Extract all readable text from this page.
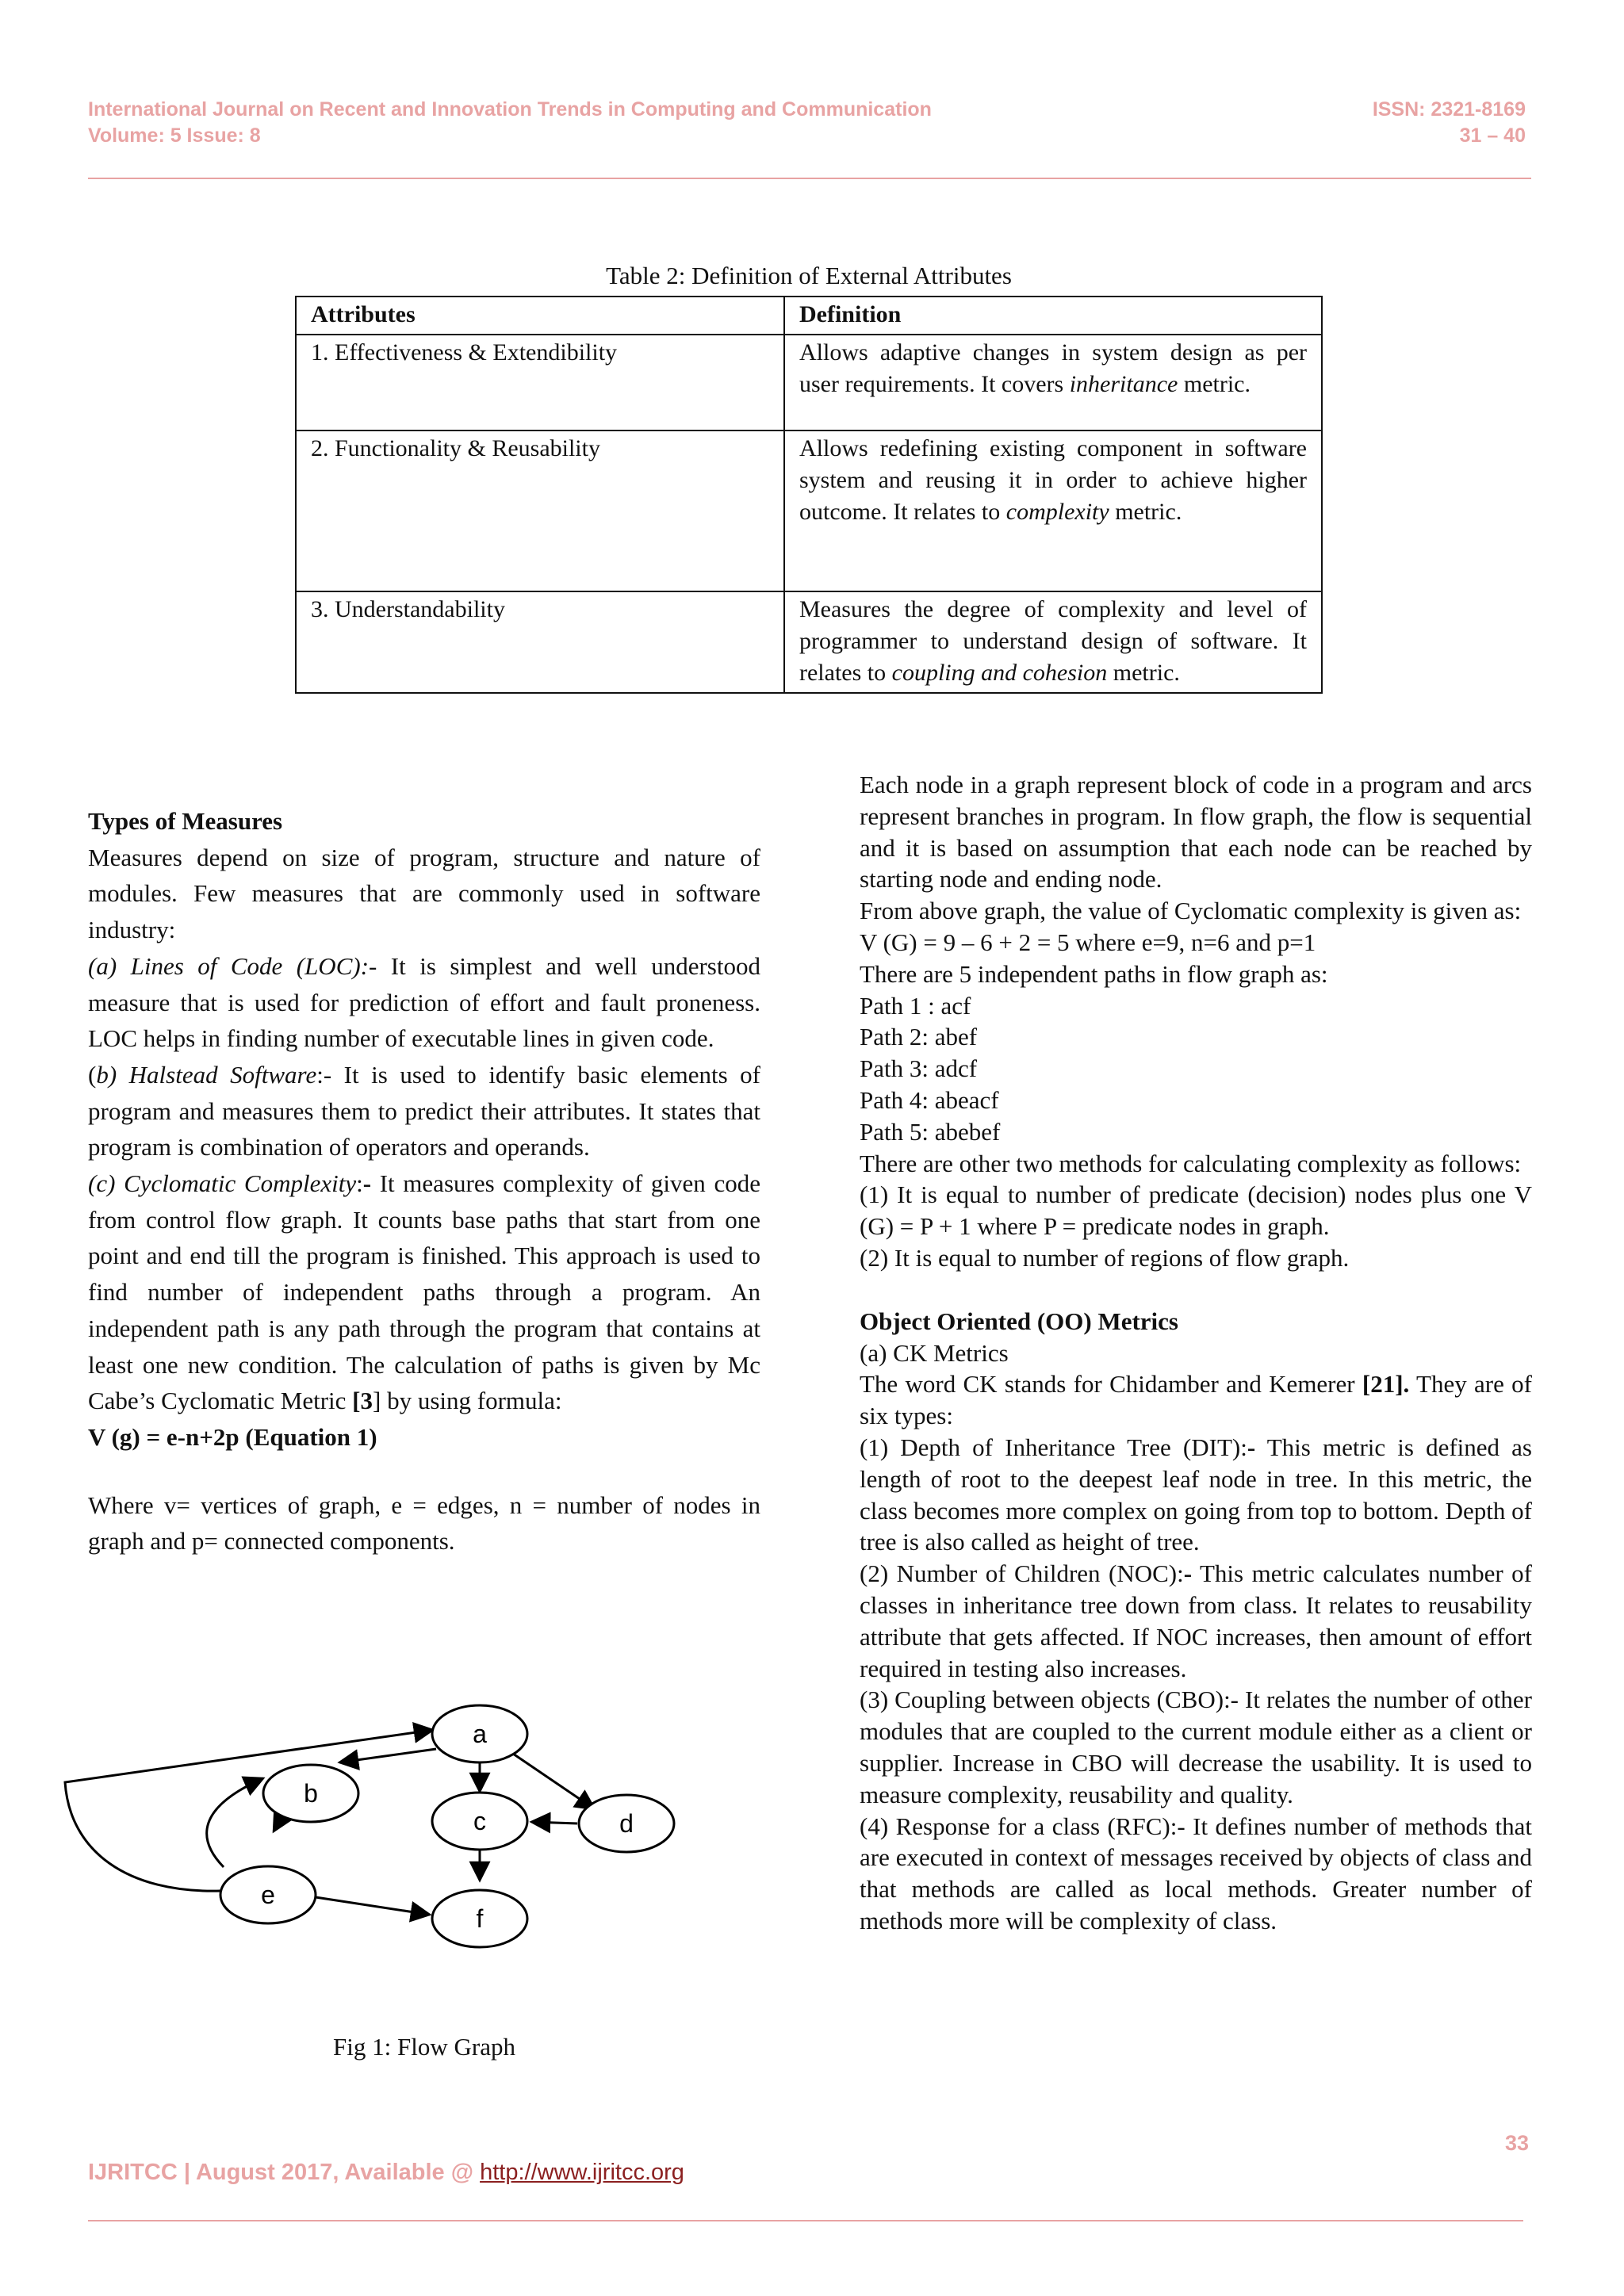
International Journal on Recent and Innovation Trends in Computing and Communication
Volume: 5 Issue: 8
ISSN: 2321-8169
31 – 40
Table 2: Definition of External Attributes
Attributes	Definition
1. Effectiveness & Extendibility	Allows adaptive changes in system design as per user requirements. It covers inheritance metric.
2. Functionality & Reusability	Allows redefining existing component in software system and reusing it in order to achieve higher outcome. It relates to complexity metric.
3. Understandability	Measures the degree of complexity and level of programmer to understand design of software. It relates to coupling and cohesion metric.

Types of Measures

Measures depend on size of program, structure and nature of modules. Few measures that are commonly used in software industry:

(a) Lines of Code (LOC):- It is simplest and well understood measure that is used for prediction of effort and fault proneness. LOC helps in finding number of executable lines in given code.

(b) Halstead Software:- It is used to identify basic elements of program and measures them to predict their attributes. It states that program is combination of operators and operands.

(c) Cyclomatic Complexity:- It measures complexity of given code from control flow graph. It counts base paths that start from one point and end till the program is finished. This approach is used to find number of independent paths through a program. An independent path is any path through the program that contains at least one new condition. The calculation of paths is given by Mc Cabe’s Cyclomatic Metric [3] by using formula:

V (g) = e-n+2p (Equation 1)

Where v= vertices of graph, e = edges, n = number of nodes in graph and p= connected components.

a
b
c	d
e
f
Fig 1: Flow Graph

Each node in a graph represent block of code in a program and arcs represent branches in program. In flow graph, the flow is sequential and it is based on assumption that each node can be reached by starting node and ending node.

From above graph, the value of Cyclomatic complexity is given as:

V (G) = 9 – 6 + 2 = 5 where e=9, n=6 and p=1

There are 5 independent paths in flow graph as:

Path 1 : acf

Path 2: abef

Path 3: adcf

Path 4: abeacf

Path 5: abebef

There are other two methods for calculating complexity as follows:

(1) It is equal to number of predicate (decision) nodes plus one V (G) = P + 1 where P = predicate nodes in graph.

(2) It is equal to number of regions of flow graph.

Object Oriented (OO) Metrics

(a) CK Metrics

The word CK stands for Chidamber and Kemerer [21]. They are of six types:

(1) Depth of Inheritance Tree (DIT):- This metric is defined as length of root to the deepest leaf node in tree. In this metric, the class becomes more complex on going from top to bottom. Depth of tree is also called as height of tree.

(2) Number of Children (NOC):- This metric calculates number of classes in inheritance tree down from class. It relates to reusability attribute that gets affected. If NOC increases, then amount of effort required in testing also increases.

(3) Coupling between objects (CBO):- It relates the number of other modules that are coupled to the current module either as a client or supplier. Increase in CBO will decrease the usability. It is used to measure complexity, reusability and quality.

(4) Response for a class (RFC):- It defines number of methods that are executed in context of messages received by objects of class and that methods are called as local methods. Greater number of methods more will be complexity of class.

33
IJRITCC | August 2017, Available @ http://www.ijritcc.org
